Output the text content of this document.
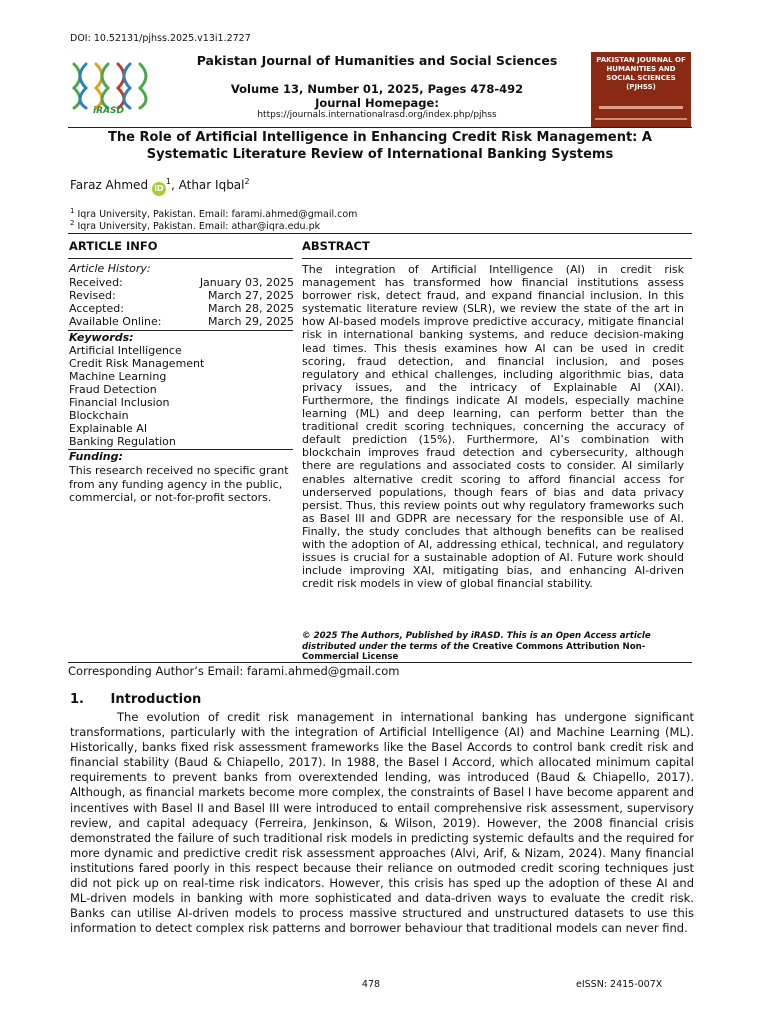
DOI: 10.52131/pjhss.2025.v13i1.2727
iRASD
Pakistan Journal of Humanities and Social Sciences
Volume 13, Number 01, 2025, Pages 478-492
Journal Homepage:
https://journals.internationalrasd.org/index.php/pjhss
PAKISTAN JOURNAL OF HUMANITIES AND SOCIAL SCIENCES (PJHSS)
The Role of Artificial Intelligence in Enhancing Credit Risk Management: A Systematic Literature Review of International Banking Systems
Faraz Ahmed $iD^1$, Athar Iqbal$^2$
$^1$ Iqra University, Pakistan. Email: farami.ahmed@gmail.com
$^2$ Iqra University, Pakistan. Email: athar@iqra.edu.pk
ARTICLE INFO	ABSTRACT
Article History:
Received:	January 03, 2025
Revised:	March 27, 2025
Accepted:	March 28, 2025
Available Online:	March 29, 2025
Keywords:
Artificial Intelligence
Credit Risk Management
Machine Learning
Fraud Detection
Financial Inclusion
Blockchain
Explainable AI
Banking Regulation
Funding:
This research received no specific grant from any funding agency in the public, commercial, or not-for-profit sectors.
The integration of Artificial Intelligence (AI) in credit risk management has transformed how financial institutions assess borrower risk, detect fraud, and expand financial inclusion. In this systematic literature review (SLR), we review the state of the art in how AI-based models improve predictive accuracy, mitigate financial risk in international banking systems, and reduce decision-making lead times. This thesis examines how AI can be used in credit scoring, fraud detection, and financial inclusion, and poses regulatory and ethical challenges, including algorithmic bias, data privacy issues, and the intricacy of Explainable AI (XAI). Furthermore, the findings indicate AI models, especially machine learning (ML) and deep learning, can perform better than the traditional credit scoring techniques, concerning the accuracy of default prediction (15%). Furthermore, AI’s combination with blockchain improves fraud detection and cybersecurity, although there are regulations and associated costs to consider. AI similarly enables alternative credit scoring to afford financial access for underserved populations, though fears of bias and data privacy persist. Thus, this review points out why regulatory frameworks such as Basel III and GDPR are necessary for the responsible use of AI. Finally, the study concludes that although benefits can be realised with the adoption of AI, addressing ethical, technical, and regulatory issues is crucial for a sustainable adoption of AI. Future work should include improving XAI, mitigating bias, and enhancing AI-driven credit risk models in view of global financial stability.
© 2025 The Authors, Published by iRASD. This is an Open Access article distributed under the terms of the Creative Commons Attribution Non-Commercial License
Corresponding Author’s Email: farami.ahmed@gmail.com
1. Introduction
The evolution of credit risk management in international banking has undergone significant transformations, particularly with the integration of Artificial Intelligence (AI) and Machine Learning (ML). Historically, banks fixed risk assessment frameworks like the Basel Accords to control bank credit risk and financial stability (Baud & Chiapello, 2017). In 1988, the Basel I Accord, which allocated minimum capital requirements to prevent banks from overextended lending, was introduced (Baud & Chiapello, 2017). Although, as financial markets become more complex, the constraints of Basel I have become apparent and incentives with Basel II and Basel III were introduced to entail comprehensive risk assessment, supervisory review, and capital adequacy (Ferreira, Jenkinson, & Wilson, 2019). However, the 2008 financial crisis demonstrated the failure of such traditional risk models in predicting systemic defaults and the required for more dynamic and predictive credit risk assessment approaches (Alvi, Arif, & Nizam, 2024). Many financial institutions fared poorly in this respect because their reliance on outmoded credit scoring techniques just did not pick up on real-time risk indicators. However, this crisis has sped up the adoption of these AI and ML-driven models in banking with more sophisticated and data-driven ways to evaluate the credit risk. Banks can utilise AI-driven models to process massive structured and unstructured datasets to use this information to detect complex risk patterns and borrower behaviour that traditional models can never find.
478	eISSN: 2415-007X
